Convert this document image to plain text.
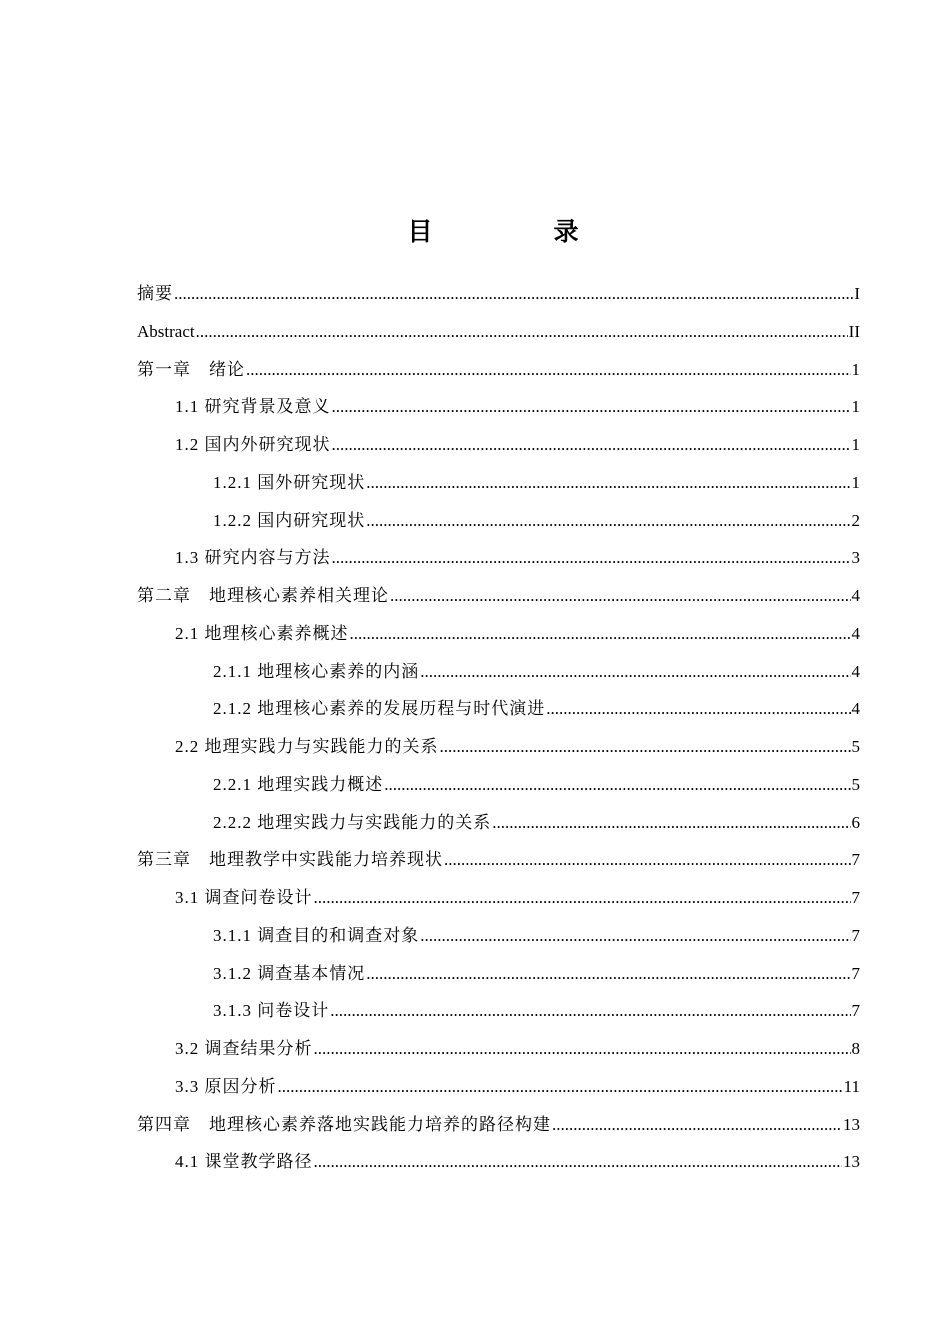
目　录
摘要 .....	I
Abstract .....	II
第一章　绪论 .....	1
1.1 研究背景及意义 .....	1
1.2 国内外研究现状 .....	1
1.2.1 国外研究现状 .....	1
1.2.2 国内研究现状 .....	2
1.3 研究内容与方法 .....	3
第二章　地理核心素养相关理论 .....	4
2.1 地理核心素养概述 .....	4
2.1.1 地理核心素养的内涵 .....	4
2.1.2 地理核心素养的发展历程与时代演进 .....	4
2.2 地理实践力与实践能力的关系 .....	5
2.2.1 地理实践力概述 .....	5
2.2.2 地理实践力与实践能力的关系 .....	6
第三章　地理教学中实践能力培养现状 .....	7
3.1 调查问卷设计 .....	7
3.1.1 调查目的和调查对象 .....	7
3.1.2 调查基本情况 .....	7
3.1.3 问卷设计 .....	7
3.2 调查结果分析 .....	8
3.3 原因分析 .....	11
第四章　地理核心素养落地实践能力培养的路径构建 .....	13
4.1 课堂教学路径 .....	13
